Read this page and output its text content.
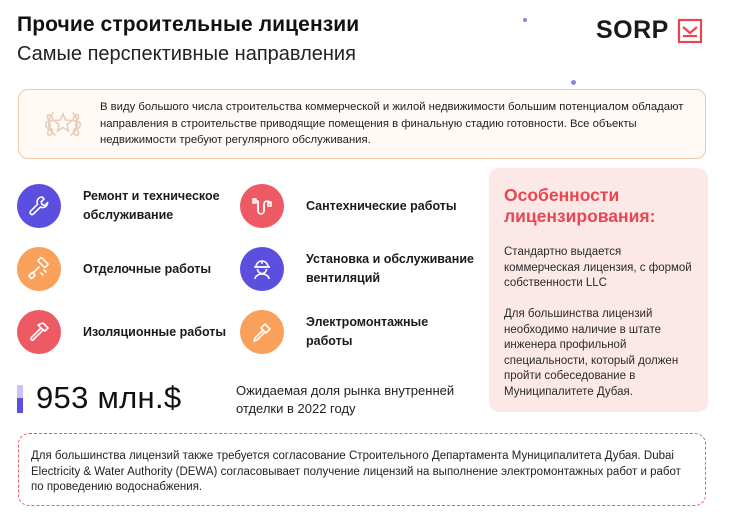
Прочие строительные лицензии
Самые перспективные направления
SORP
В виду большого числа строительства коммерческой и жилой недвижимости большим потенциалом обладают направления в строительстве приводящие помещения в финальную стадию готовности. Все объекты недвижимости требуют регулярного обслуживания.
Ремонт и техническое обслуживание
Сантехнические работы
Отделочные работы
Установка и обслуживание вентиляций
Изоляционные работы
Электромонтажные работы
953 млн.$	Ожидаемая доля рынка внутренней отделки в 2022 году
Особенности лицензирования:
Стандартно выдается коммерческая лицензия, с формой собственности LLC
Для большинства лицензий необходимо наличие в штате инженера профильной специальности, который должен пройти собеседование в Муниципалитете Дубая.
Для большинства лицензий также требуется согласование Строительного Департамента Муниципалитета Дубая. Dubai Electricity & Water Authority (DEWA) согласовывает получение лицензий на выполнение электромонтажных работ и работ по проведению водоснабжения.
